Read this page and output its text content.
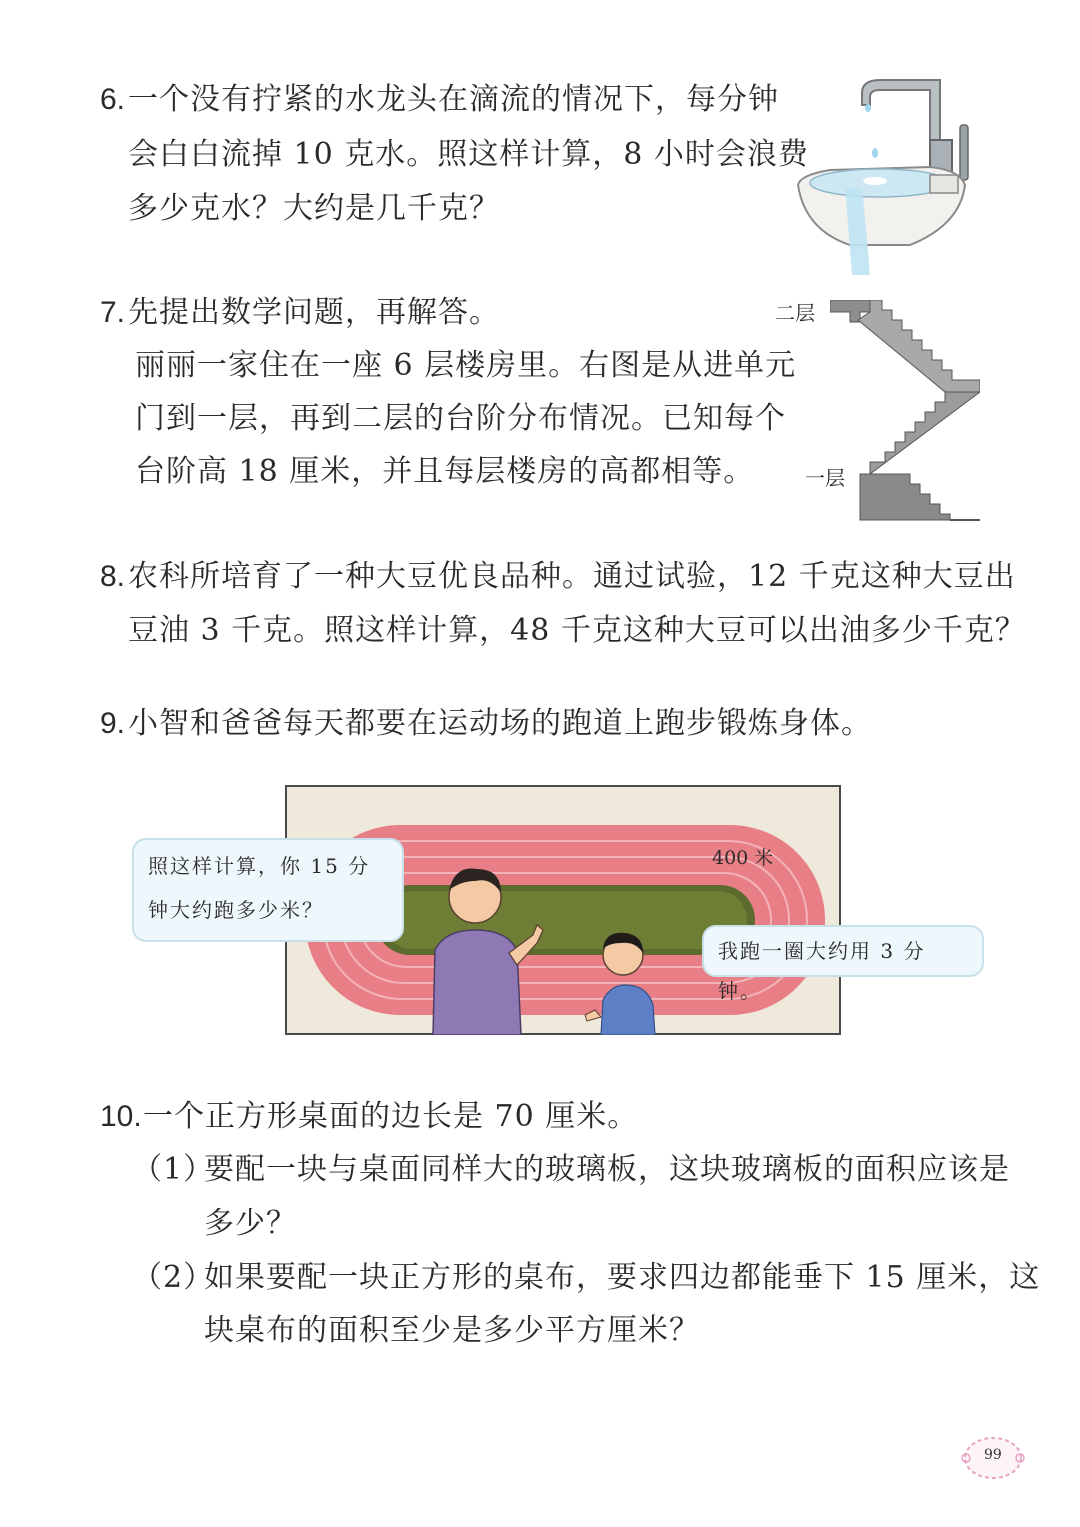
6. 一个没有拧紧的水龙头在滴流的情况下，每分钟
会白白流掉 10 克水。照这样计算，8 小时会浪费
多少克水？大约是几千克？
7. 先提出数学问题，再解答。
丽丽一家住在一座 6 层楼房里。右图是从进单元
门到一层，再到二层的台阶分布情况。已知每个
台阶高 18 厘米，并且每层楼房的高都相等。
二层
一层
8. 农科所培育了一种大豆优良品种。通过试验，12 千克这种大豆出
豆油 3 千克。照这样计算，48 千克这种大豆可以出油多少千克？
9. 小智和爸爸每天都要在运动场的跑道上跑步锻炼身体。
400 米
照这样计算，你 15 分
钟大约跑多少米？
我跑一圈大约用 3 分钟。
10. 一个正方形桌面的边长是 70 厘米。
（1）
要配一块与桌面同样大的玻璃板，这块玻璃板的面积应该是
多少？
（2）
如果要配一块正方形的桌布，要求四边都能垂下 15 厘米，这
块桌布的面积至少是多少平方厘米？
99
